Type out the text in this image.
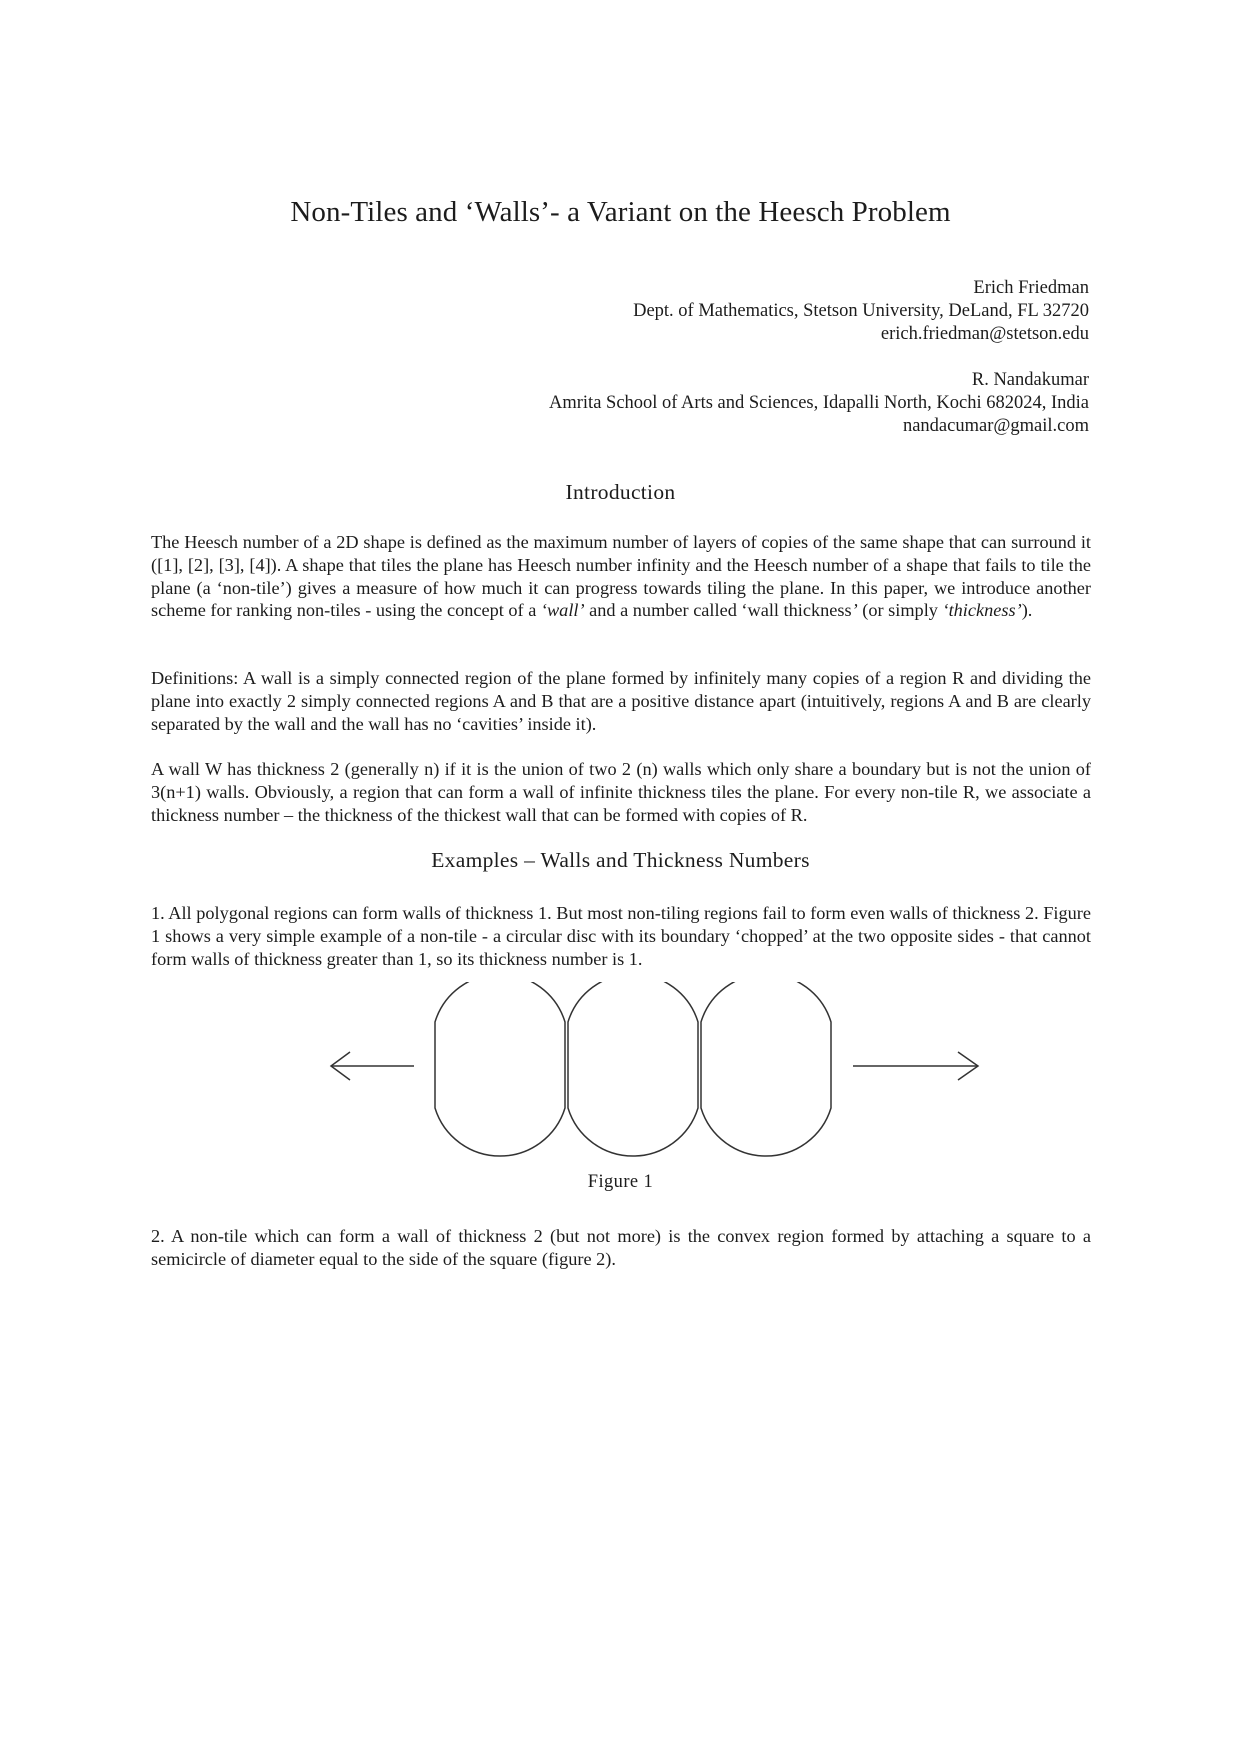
Non-Tiles and ‘Walls’- a Variant on the Heesch Problem
Erich Friedman
Dept. of Mathematics, Stetson University, DeLand, FL 32720
erich.friedman@stetson.edu
R. Nandakumar
Amrita School of Arts and Sciences, Idapalli North, Kochi 682024, India
nandacumar@gmail.com
Introduction

The Heesch number of a 2D shape is defined as the maximum number of layers of copies of the same shape that can surround it ([1], [2], [3], [4]). A shape that tiles the plane has Heesch number infinity and the Heesch number of a shape that fails to tile the plane (a ‘non-tile’) gives a measure of how much it can progress towards tiling the plane. In this paper, we introduce another scheme for ranking non-tiles - using the concept of a ‘wall’ and a number called ‘wall thickness’ (or simply ‘thickness’).

Definitions: A wall is a simply connected region of the plane formed by infinitely many copies of a region R and dividing the plane into exactly 2 simply connected regions A and B that are a positive distance apart (intuitively, regions A and B are clearly separated by the wall and the wall has no ‘cavities’ inside it).

A wall W has thickness 2 (generally n) if it is the union of two 2 (n) walls which only share a boundary but is not the union of 3(n+1) walls. Obviously, a region that can form a wall of infinite thickness tiles the plane. For every non-tile R, we associate a thickness number – the thickness of the thickest wall that can be formed with copies of R.

Examples – Walls and Thickness Numbers

1. All polygonal regions can form walls of thickness 1. But most non-tiling regions fail to form even walls of thickness 2. Figure 1 shows a very simple example of a non-tile - a circular disc with its boundary ‘chopped’ at the two opposite sides - that cannot form walls of thickness greater than 1, so its thickness number is 1.

Figure 1

2. A non-tile which can form a wall of thickness 2 (but not more) is the convex region formed by attaching a square to a semicircle of diameter equal to the side of the square (figure 2).
